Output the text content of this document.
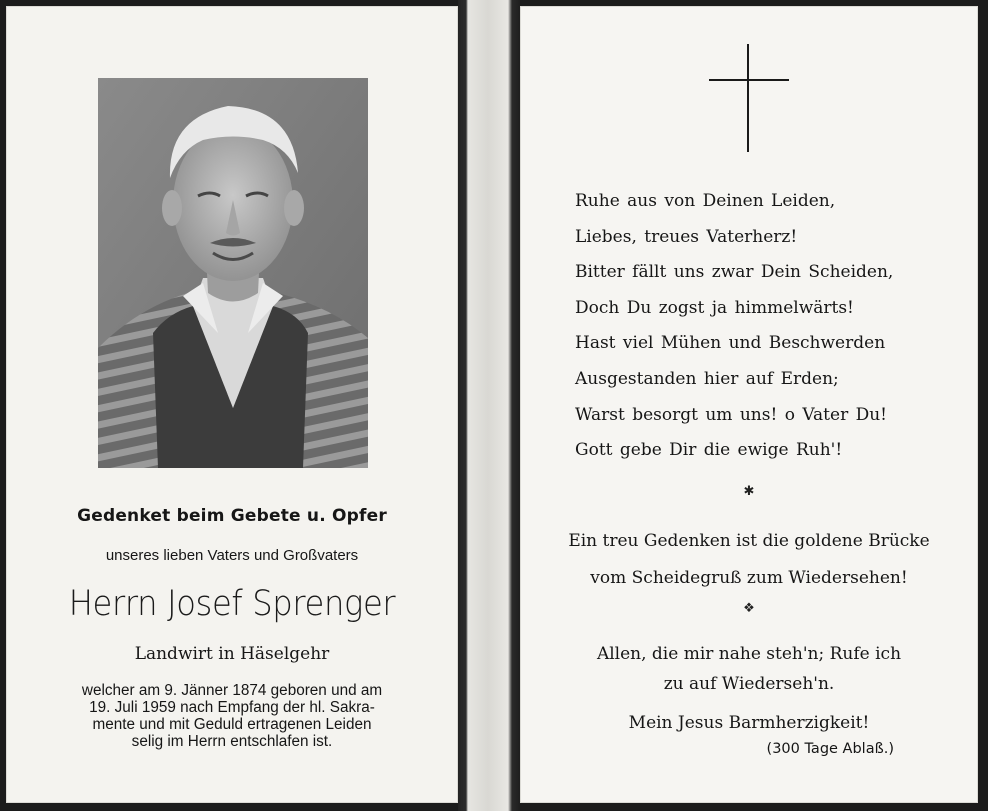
Gedenket beim Gebete u. Opfer

unseres lieben Vaters und Großvaters

Herrn Josef Sprenger

Landwirt in Häselgehr

welcher am 9. Jänner 1874 geboren und am
19. Juli 1959 nach Empfang der hl. Sakra-
mente und mit Geduld ertragenen Leiden
selig im Herrn entschlafen ist.

Ruhe aus von Deinen Leiden,
Liebes, treues Vaterherz!
Bitter fällt uns zwar Dein Scheiden,
Doch Du zogst ja himmelwärts!
Hast viel Mühen und Beschwerden
Ausgestanden hier auf Erden;
Warst besorgt um uns! o Vater Du!
Gott gebe Dir die ewige Ruh'!
✱

Ein treu Gedenken ist die goldene Brücke

vom Scheidegruß zum Wiedersehen!

❖

Allen, die mir nahe steh'n; Rufe ich

zu auf Wiederseh'n.

Mein Jesus Barmherzigkeit!

(300 Tage Ablaß.)
